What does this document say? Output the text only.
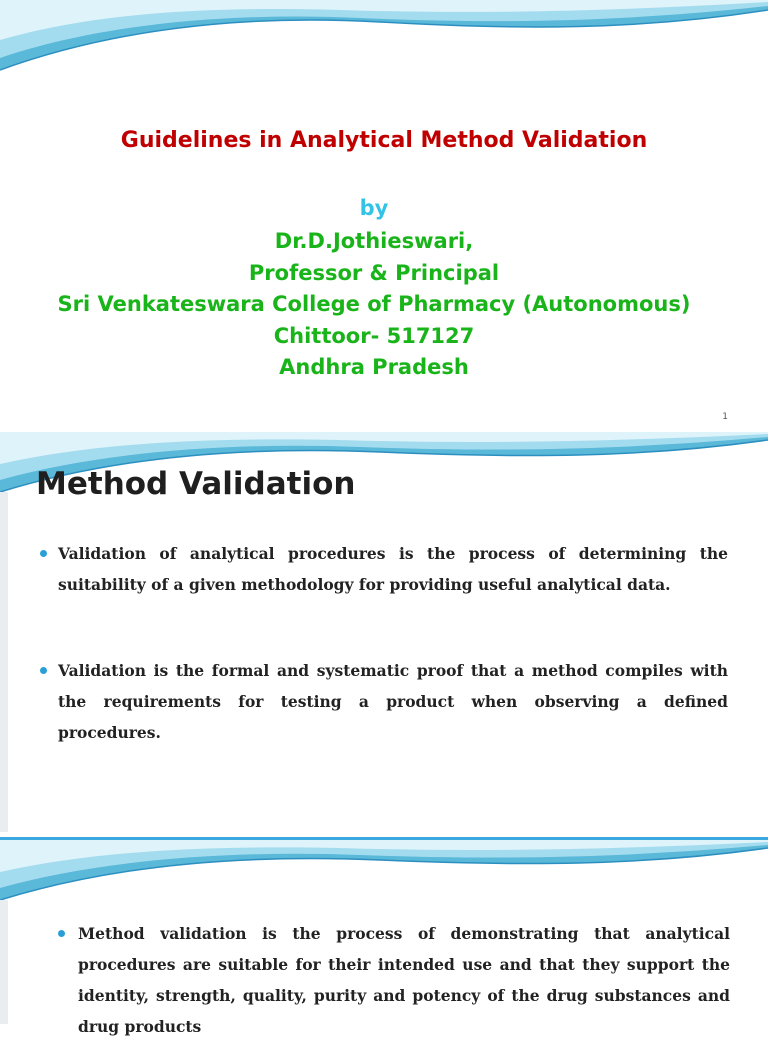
Guidelines in Analytical Method Validation
by
Dr.D.Jothieswari,
Professor & Principal
Sri Venkateswara College of Pharmacy (Autonomous)
Chittoor- 517127
Andhra Pradesh
1
Method Validation
Validation of analytical procedures is the process of determining the suitability of a given methodology for providing useful analytical data.
Validation is the formal and systematic proof that a method compiles with the requirements for testing a product when observing a defined procedures.
Method validation is the process of demonstrating that analytical procedures are suitable for their intended use and that they support the identity, strength, quality, purity and potency of the drug substances and drug products
